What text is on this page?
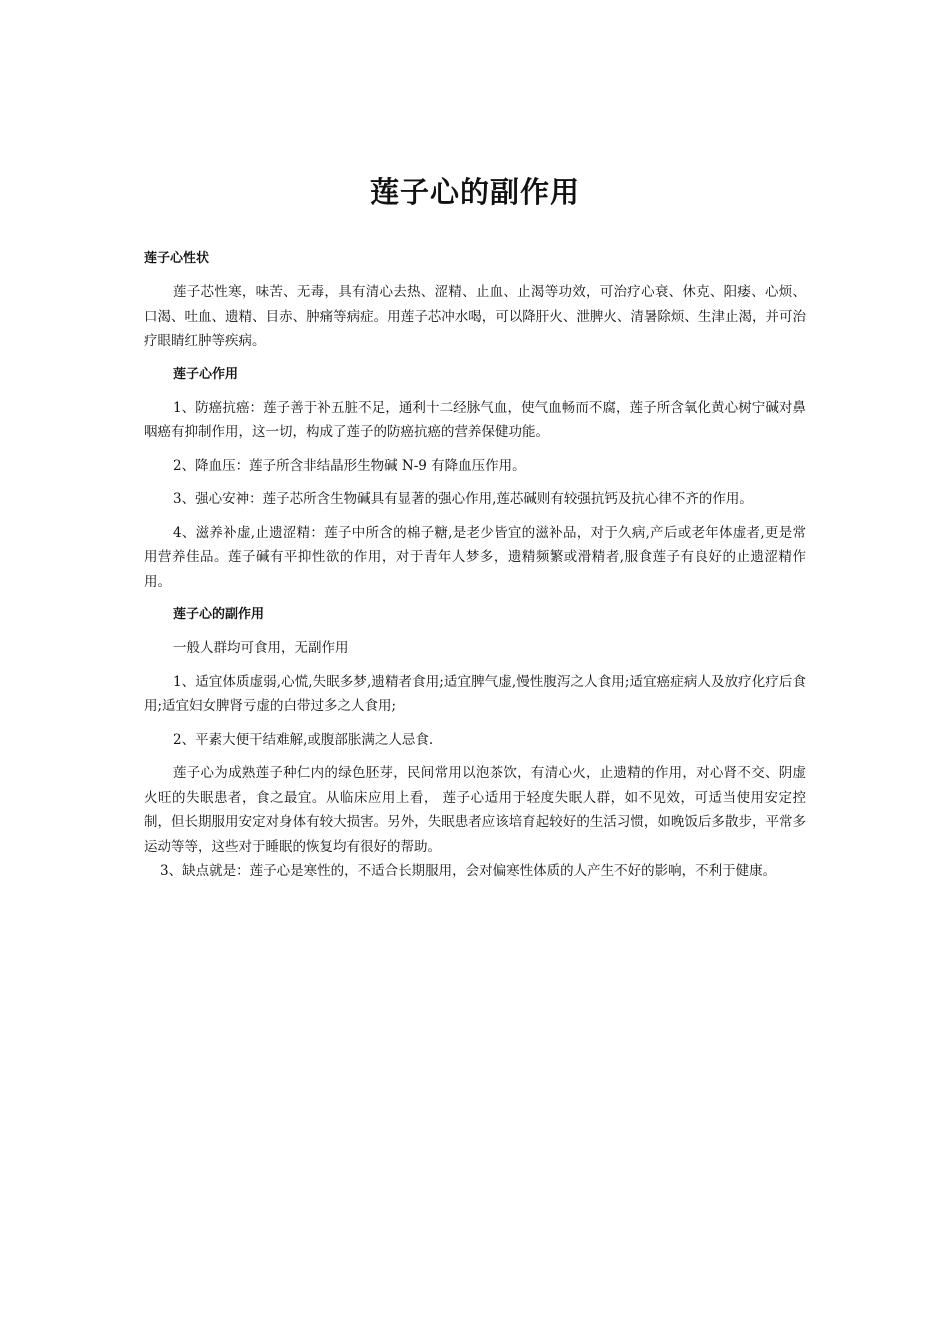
莲子心的副作用
莲子心性状

莲子芯性寒，味苦、无毒，具有清心去热、涩精、止血、止渴等功效，可治疗心衰、休克、阳痿、心烦、口渴、吐血、遗精、目赤、肿痛等病症。用莲子芯冲水喝，可以降肝火、泄脾火、清暑除烦、生津止渴，并可治疗眼睛红肿等疾病。

莲子心作用

1、防癌抗癌：莲子善于补五脏不足，通利十二经脉气血，使气血畅而不腐，莲子所含氧化黄心树宁碱对鼻咽癌有抑制作用，这一切，构成了莲子的防癌抗癌的营养保健功能。

2、降血压：莲子所含非结晶形生物碱 N-9 有降血压作用。

3、强心安神：莲子芯所含生物碱具有显著的强心作用,莲芯碱则有较强抗钙及抗心律不齐的作用。

4、滋养补虚,止遗涩精：莲子中所含的棉子糖,是老少皆宜的滋补品，对于久病,产后或老年体虚者,更是常用营养佳品。莲子碱有平抑性欲的作用，对于青年人梦多，遗精频繁或滑精者,服食莲子有良好的止遗涩精作用。

莲子心的副作用

一般人群均可食用，无副作用

1、适宜体质虚弱,心慌,失眠多梦,遗精者食用;适宜脾气虚,慢性腹泻之人食用;适宜癌症病人及放疗化疗后食用;适宜妇女脾肾亏虚的白带过多之人食用;

2、平素大便干结难解,或腹部胀满之人忌食.

莲子心为成熟莲子种仁内的绿色胚芽，民间常用以泡茶饮，有清心火，止遗精的作用，对心肾不交、阴虚火旺的失眠患者，食之最宜。从临床应用上看， 莲子心适用于轻度失眠人群，如不见效，可适当使用安定控制，但长期服用安定对身体有较大损害。另外，失眠患者应该培育起较好的生活习惯，如晚饭后多散步，平常多运动等等，这些对于睡眠的恢复均有很好的帮助。

3、缺点就是：莲子心是寒性的，不适合长期服用，会对偏寒性体质的人产生不好的影响，不利于健康。
